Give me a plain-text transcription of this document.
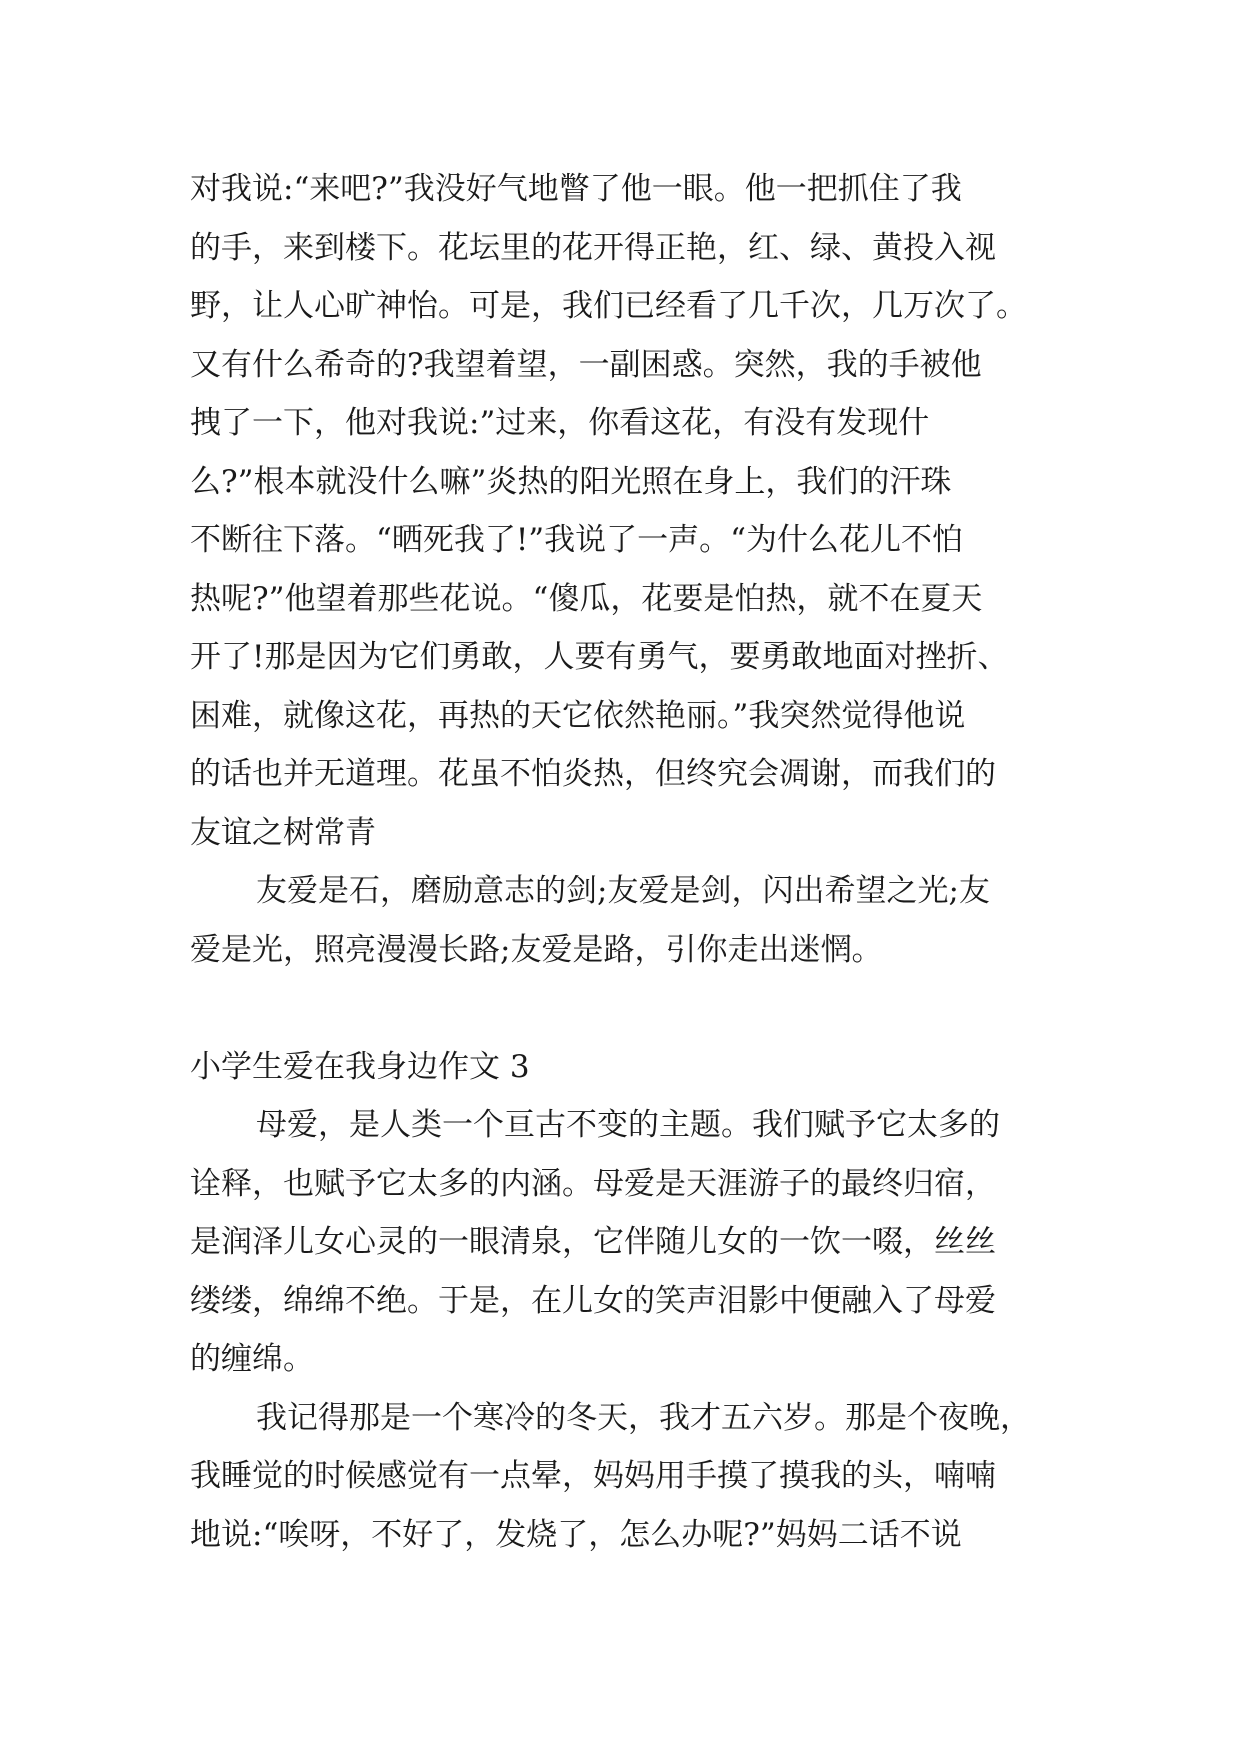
对我说:“来吧?”我没好气地瞥了他一眼。他一把抓住了我
的手，来到楼下。花坛里的花开得正艳，红、绿、黄投入视
野，让人心旷神怡。可是，我们已经看了几千次，几万次了。
又有什么希奇的?我望着望，一副困惑。突然，我的手被他
拽了一下，他对我说:”过来，你看这花，有没有发现什
么?”根本就没什么嘛”炎热的阳光照在身上，我们的汗珠
不断往下落。“晒死我了!”我说了一声。“为什么花儿不怕
热呢?”他望着那些花说。“傻瓜，花要是怕热，就不在夏天
开了!那是因为它们勇敢，人要有勇气，要勇敢地面对挫折、
困难，就像这花，再热的天它依然艳丽。”我突然觉得他说
的话也并无道理。花虽不怕炎热，但终究会凋谢，而我们的
友谊之树常青
友爱是石，磨励意志的剑;友爱是剑，闪出希望之光;友
爱是光，照亮漫漫长路;友爱是路，引你走出迷惘。
小学生爱在我身边作文 3
母爱，是人类一个亘古不变的主题。我们赋予它太多的
诠释，也赋予它太多的内涵。母爱是天涯游子的最终归宿，
是润泽儿女心灵的一眼清泉，它伴随儿女的一饮一啜，丝丝
缕缕，绵绵不绝。于是，在儿女的笑声泪影中便融入了母爱
的缠绵。
我记得那是一个寒冷的冬天，我才五六岁。那是个夜晚，
我睡觉的时候感觉有一点晕，妈妈用手摸了摸我的头，喃喃
地说:“唉呀，不好了，发烧了，怎么办呢?”妈妈二话不说
